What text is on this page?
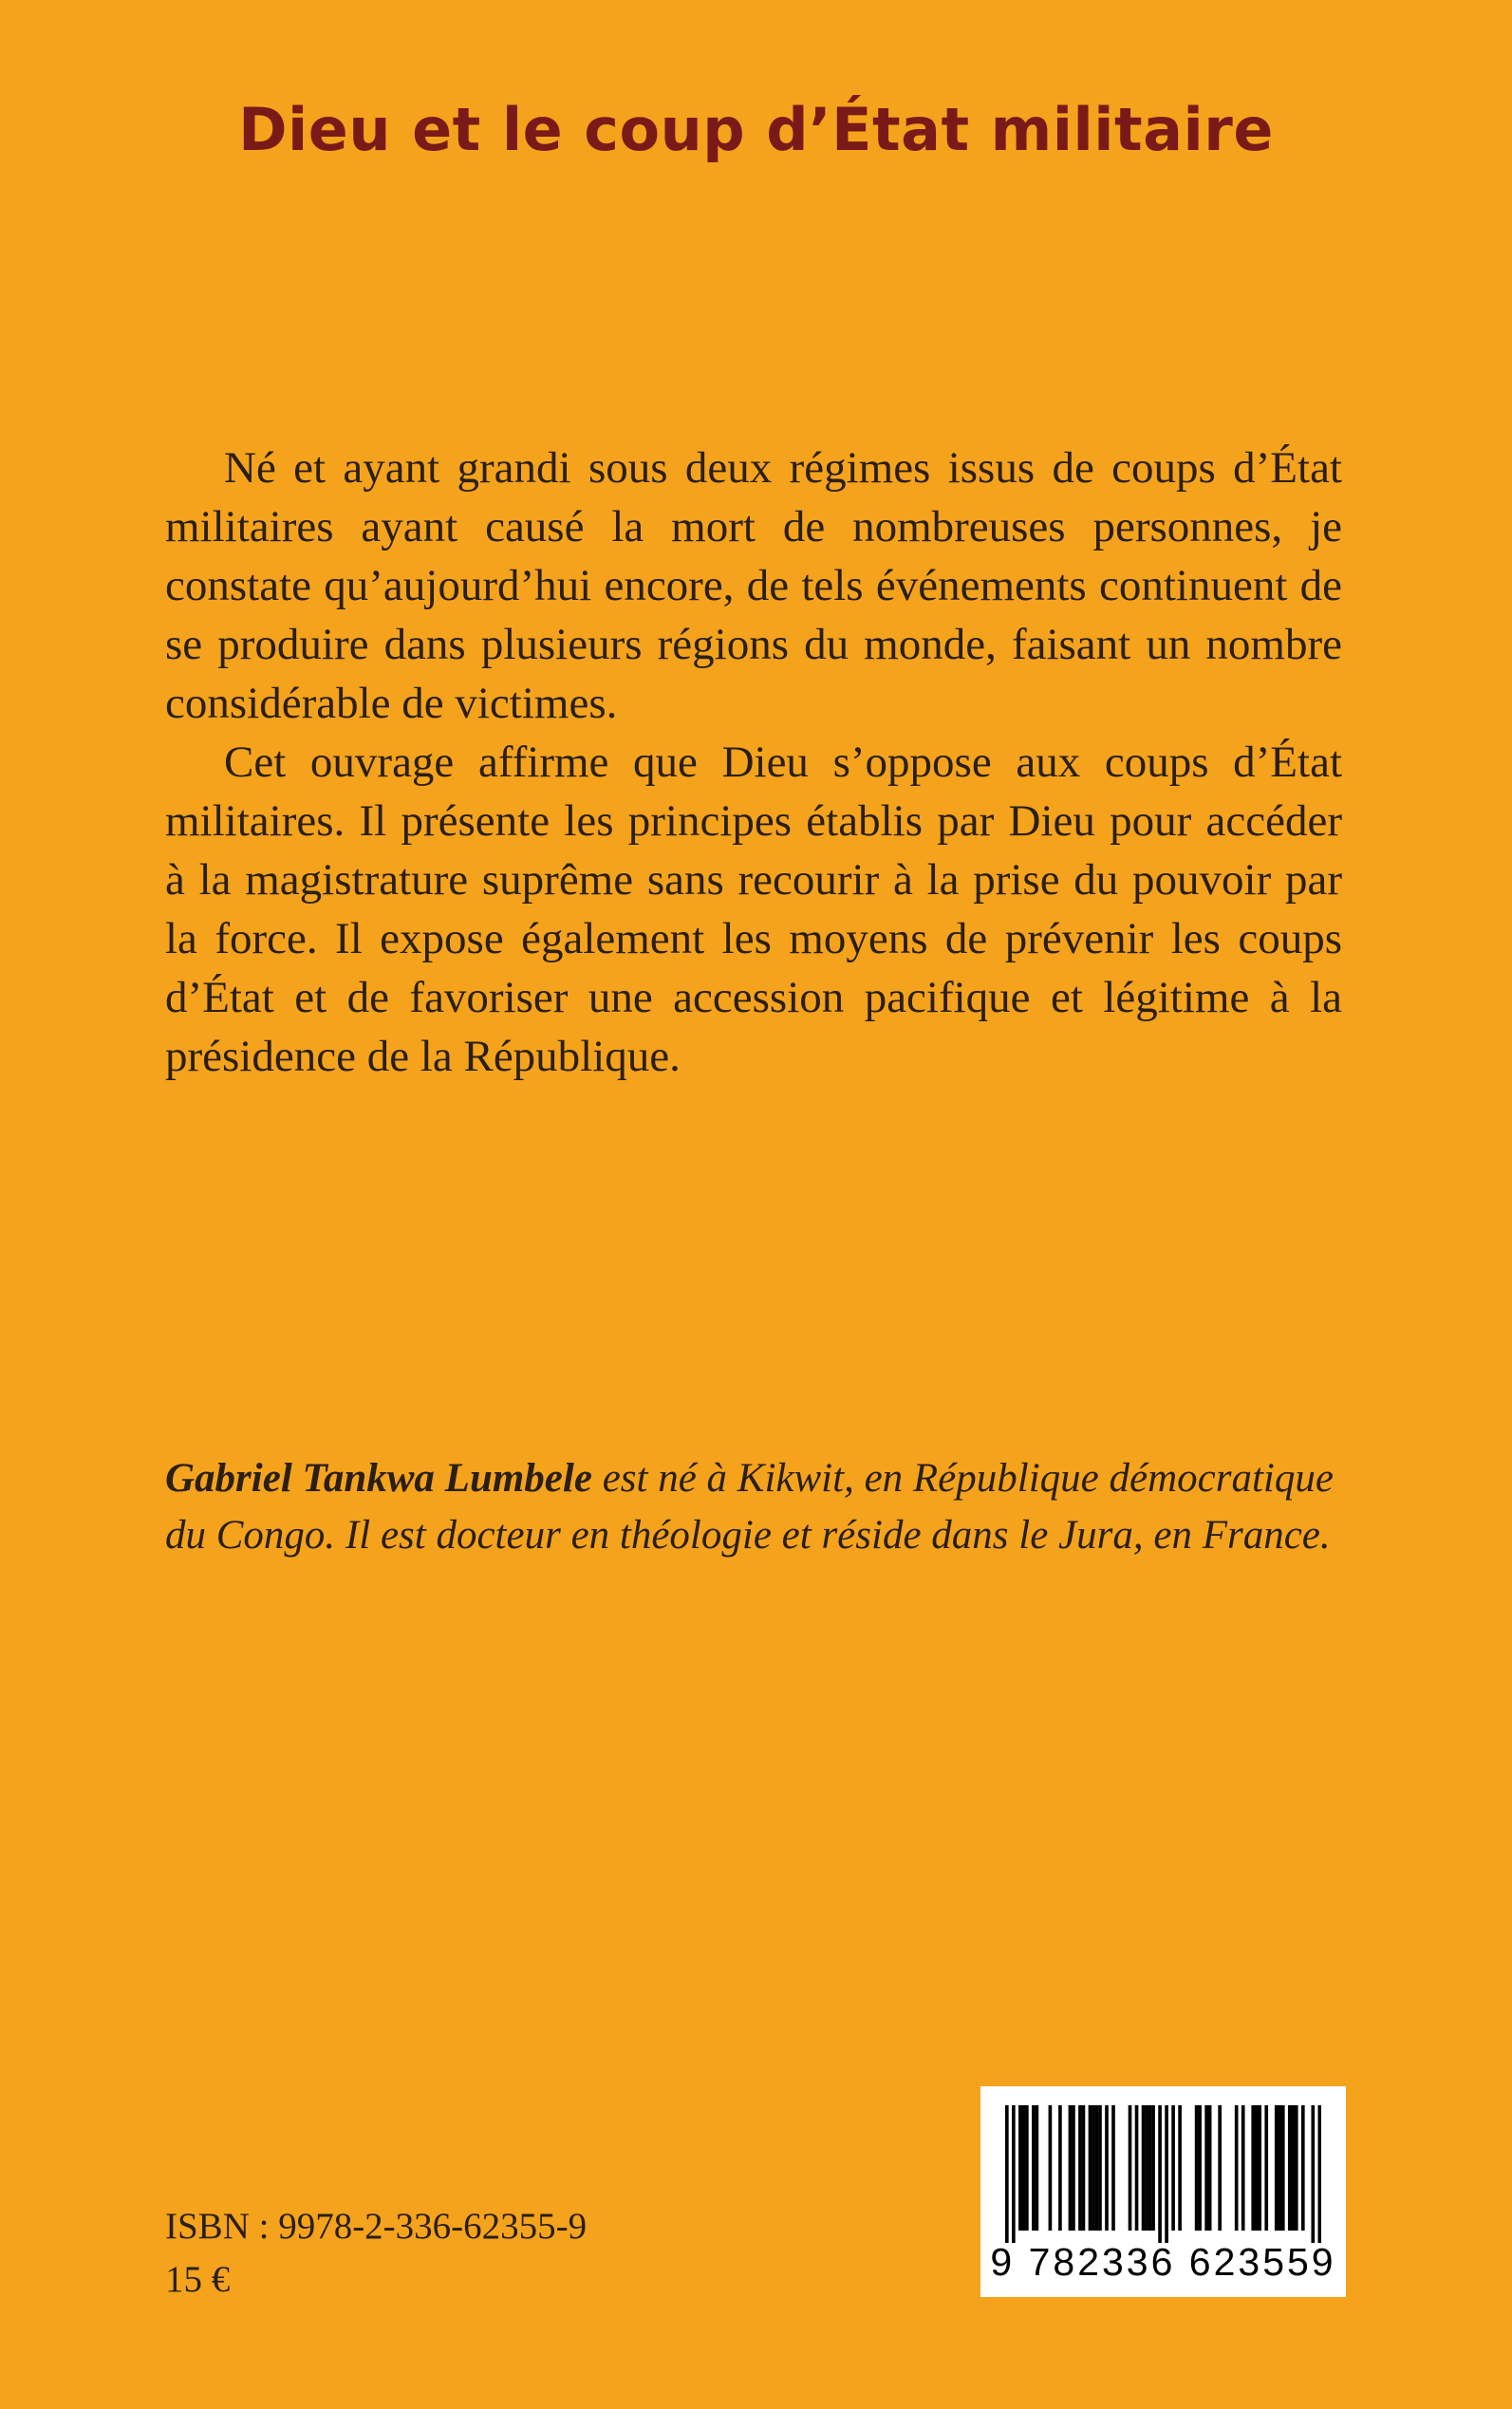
Dieu et le coup d’État militaire

Né et ayant grandi sous deux régimes issus de coups d’État militaires ayant causé la mort de nombreuses personnes, je constate qu’aujourd’hui encore, de tels événements continuent de se produire dans plusieurs régions du monde, faisant un nombre considérable de victimes.

Cet ouvrage affirme que Dieu s’oppose aux coups d’État militaires. Il présente les principes établis par Dieu pour accéder à la magistrature suprême sans recourir à la prise du pouvoir par la force. Il expose également les moyens de prévenir les coups d’État et de favoriser une accession pacifique et légitime à la présidence de la République.

Gabriel Tankwa Lumbele est né à Kikwit, en République démocratique du Congo. Il est docteur en théologie et réside dans le Jura, en France.

ISBN : 9978-2-336-62355-9

15 €	9 782336 623559
